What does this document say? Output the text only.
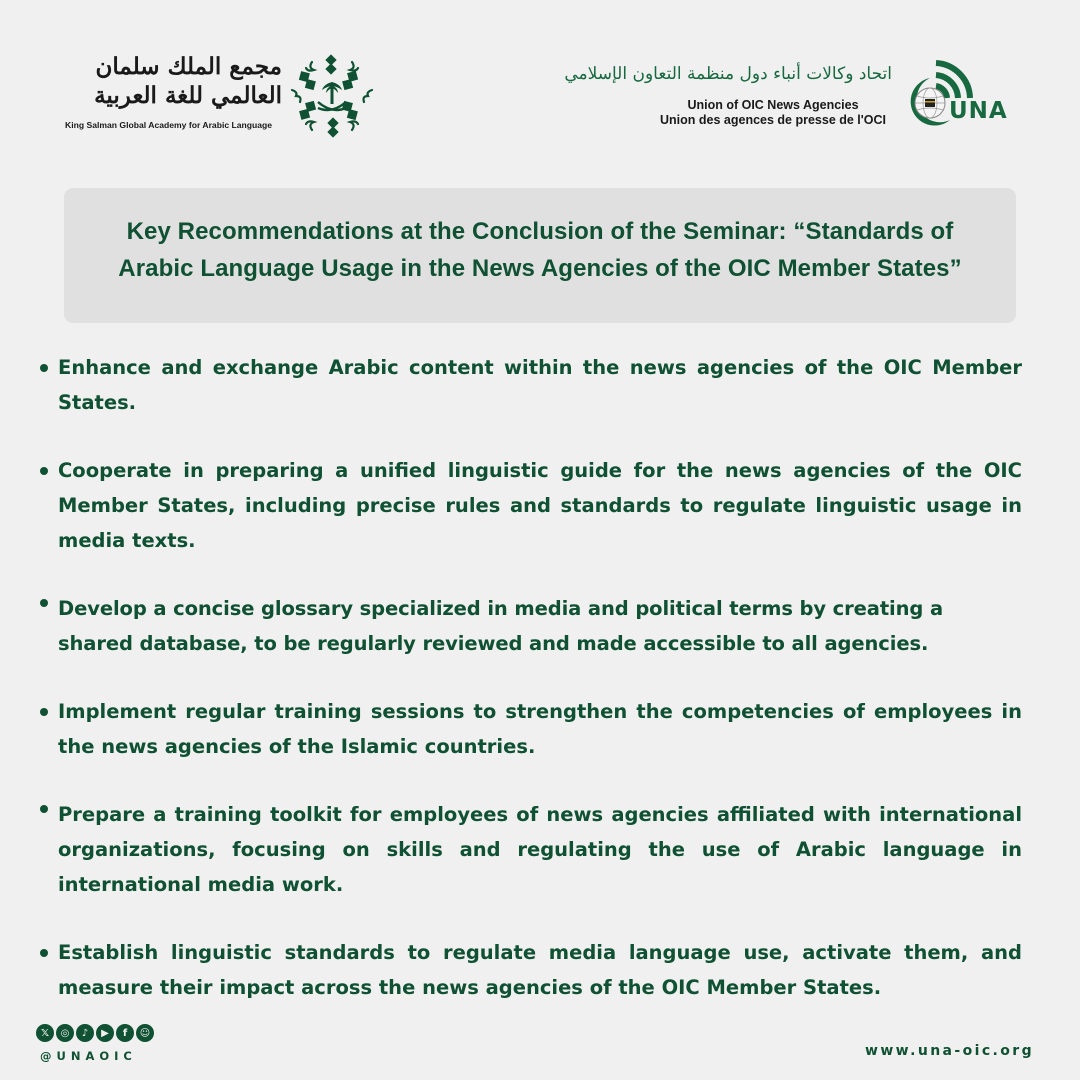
مجمع الملك سلمان
العالمي للغة العربية
King Salman Global Academy for Arabic Language
اتحاد وكالات أنباء دول منظمة التعاون الإسلامي
Union of OIC News Agencies
Union des agences de presse de l'OCI	UNA
Key Recommendations at the Conclusion of the Seminar: “Standards of Arabic Language Usage in the News Agencies of the OIC Member States”
Enhance and exchange Arabic content within the news agencies of the OIC Member States.
Cooperate in preparing a unified linguistic guide for the news agencies of the OIC Member States, including precise rules and standards to regulate linguistic usage in media texts.
Develop a concise glossary specialized in media and political terms by creating a shared database, to be regularly reviewed and made accessible to all agencies.
Implement regular training sessions to strengthen the competencies of employees in the news agencies of the Islamic countries.
Prepare a training toolkit for employees of news agencies affiliated with international organizations, focusing on skills and regulating the use of Arabic language in international media work.
Establish linguistic standards to regulate media language use, activate them, and measure their impact across the news agencies of the OIC Member States.
𝕏	◎	♪	▶	f	☺
@UNAOIC	www.una-oic.org
